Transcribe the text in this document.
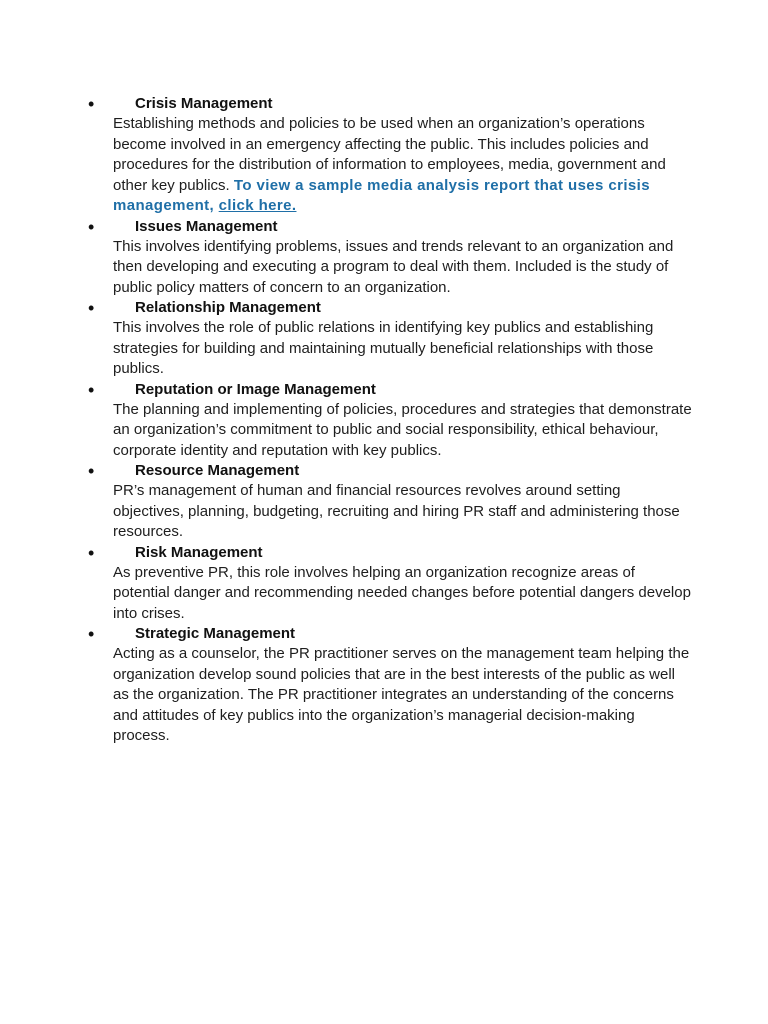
•	Crisis Management
Establishing methods and policies to be used when an organization’s operations become involved in an emergency affecting the public. This includes policies and procedures for the distribution of information to employees, media, government and other key publics. To view a sample media analysis report that uses crisis management, click here.
•	Issues Management
This involves identifying problems, issues and trends relevant to an organization and then developing and executing a program to deal with them. Included is the study of public policy matters of concern to an organization.
•	Relationship Management
This involves the role of public relations in identifying key publics and establishing strategies for building and maintaining mutually beneficial relationships with those publics.
•	Reputation or Image Management
The planning and implementing of policies, procedures and strategies that demonstrate an organization’s commitment to public and social responsibility, ethical behaviour, corporate identity and reputation with key publics.
•	Resource Management
PR’s management of human and financial resources revolves around setting objectives, planning, budgeting, recruiting and hiring PR staff and administering those resources.
•	Risk Management
As preventive PR, this role involves helping an organization recognize areas of potential danger and recommending needed changes before potential dangers develop into crises.
•	Strategic Management
Acting as a counselor, the PR practitioner serves on the management team helping the organization develop sound policies that are in the best interests of the public as well as the organization. The PR practitioner integrates an understanding of the concerns and attitudes of key publics into the organization’s managerial decision-making process.
